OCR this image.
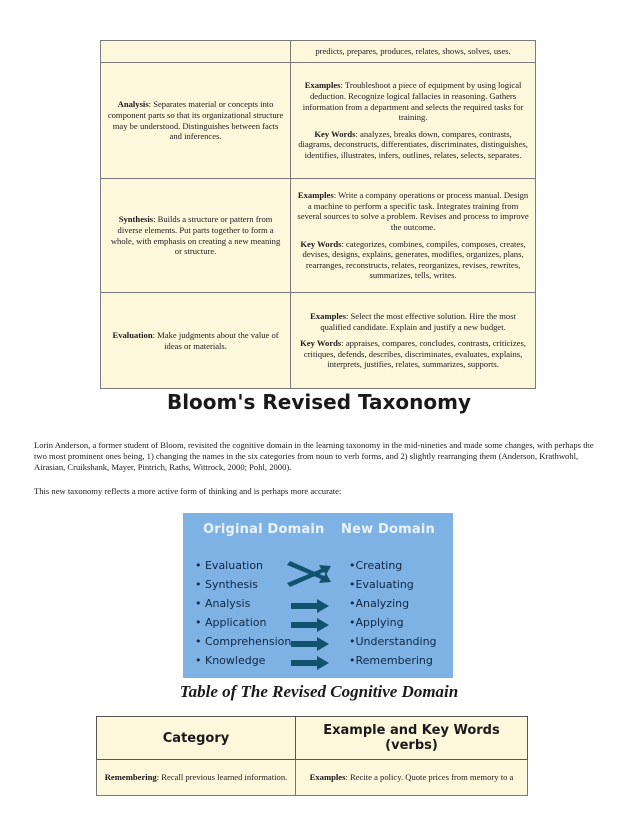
	predicts, prepares, produces, relates, shows, solves, uses.

Analysis: Separates material or concepts into component parts so that its organizational structure may be understood. Distinguishes between facts and inferences.	Examples: Troubleshoot a piece of equipment by using logical deduction. Recognize logical fallacies in reasoning. Gathers information from a department and selects the required tasks for training.

Key Words: analyzes, breaks down, compares, contrasts, diagrams, deconstructs, differentiates, discriminates, distinguishes, identifies, illustrates, infers, outlines, relates, selects, separates.

Synthesis: Builds a structure or pattern from diverse elements. Put parts together to form a whole, with emphasis on creating a new meaning or structure.	Examples: Write a company operations or process manual. Design a machine to perform a specific task. Integrates training from several sources to solve a problem. Revises and process to improve the outcome.

Key Words: categorizes, combines, compiles, composes, creates, devises, designs, explains, generates, modifies, organizes, plans, rearranges, reconstructs, relates, reorganizes, revises, rewrites, summarizes, tells, writes.

Evaluation: Make judgments about the value of ideas or materials.	Examples: Select the most effective solution. Hire the most qualified candidate. Explain and justify a new budget.

Key Words: appraises, compares, concludes, contrasts, criticizes, critiques, defends, describes, discriminates, evaluates, explains, interprets, justifies, relates, summarizes, supports.

Bloom's Revised Taxonomy

Lorin Anderson, a former student of Bloom, revisited the cognitive domain in the learning taxonomy in the mid-nineties and made some changes, with perhaps the two most prominent ones being, 1) changing the names in the six categories from noun to verb forms, and 2) slightly rearranging them (Anderson, Krathwohl, Airasian, Cruikshank, Mayer, Pintrich, Raths, Wittrock, 2000; Pohl, 2000).

This new taxonomy reflects a more active form of thinking and is perhaps more accurate:

Original Domain New Domain
• Evaluation	•Creating
• Synthesis	•Evaluating
• Analysis	•Analyzing
• Application	•Applying
• Comprehension	•Understanding
• Knowledge	•Remembering
Table of The Revised Cognitive Domain
Category	Example and Key Words (verbs)
Remembering: Recall previous learned information.	Examples: Recite a policy. Quote prices from memory to a
